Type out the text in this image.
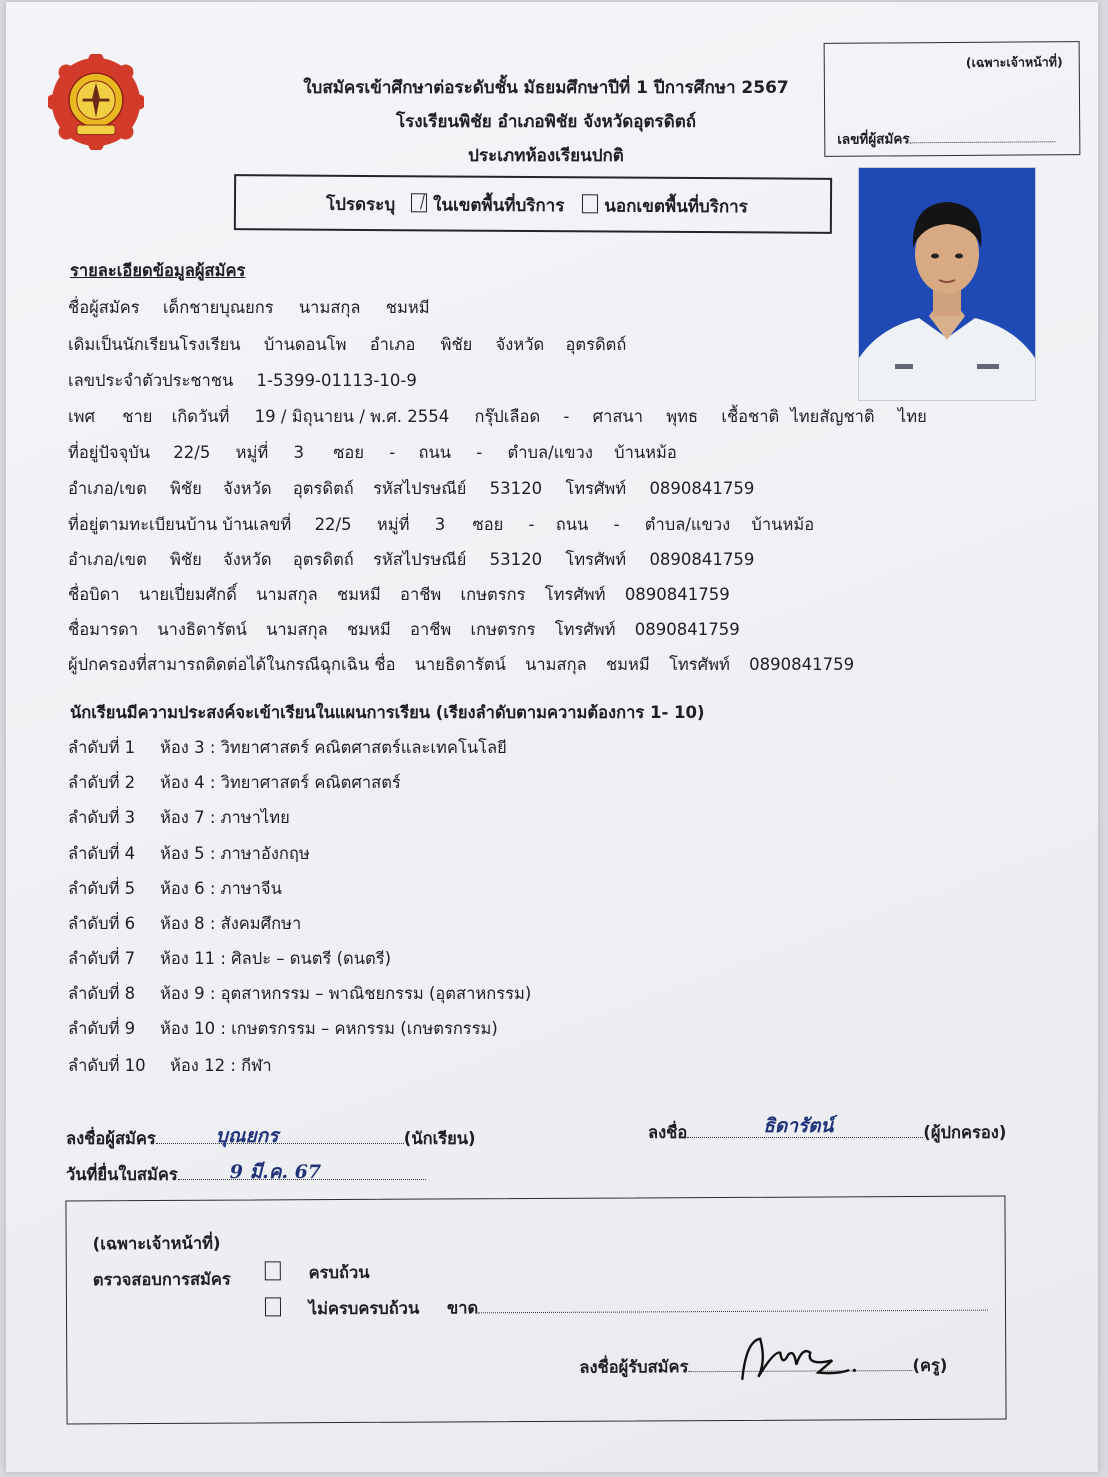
ใบสมัครเข้าศึกษาต่อระดับชั้น มัธยมศึกษาปีที่ 1 ปีการศึกษา 2567
โรงเรียนพิชัย อำเภอพิชัย จังหวัดอุตรดิตถ์
ประเภทห้องเรียนปกติ
(เฉพาะเจ้าหน้าที่)
เลขที่ผู้สมัคร
โปรดระบุ ในเขตพื้นที่บริการ นอกเขตพื้นที่บริการ
รายละเอียดข้อมูลผู้สมัคร
ชื่อผู้สมัคร เด็กชายบุณยกร นามสกุล ชมหมี
เดิมเป็นนักเรียนโรงเรียน บ้านดอนโพ อำเภอ พิชัย จังหวัด อุตรดิตถ์
เลขประจำตัวประชาชน 1-5399-01113-10-9
เพศ ชาย เกิดวันที่ 19 / มิถุนายน / พ.ศ. 2554 กรุ๊ปเลือด - ศาสนา พุทธ เชื้อชาติ ไทยสัญชาติ ไทย
ที่อยู่ปัจจุบัน 22/5 หมู่ที่ 3 ซอย - ถนน - ตำบล/แขวง บ้านหม้อ
อำเภอ/เขต พิชัย จังหวัด อุตรดิตถ์ รหัสไปรษณีย์ 53120 โทรศัพท์ 0890841759
ที่อยู่ตามทะเบียนบ้าน บ้านเลขที่ 22/5 หมู่ที่ 3 ซอย - ถนน - ตำบล/แขวง บ้านหม้อ
อำเภอ/เขต พิชัย จังหวัด อุตรดิตถ์ รหัสไปรษณีย์ 53120 โทรศัพท์ 0890841759
ชื่อบิดา นายเปี่ยมศักดิ์ นามสกุล ชมหมี อาชีพ เกษตรกร โทรศัพท์ 0890841759
ชื่อมารดา นางธิดารัตน์ นามสกุล ชมหมี อาชีพ เกษตรกร โทรศัพท์ 0890841759
ผู้ปกครองที่สามารถติดต่อได้ในกรณีฉุกเฉิน ชื่อ นายธิดารัตน์ นามสกุล ชมหมี โทรศัพท์ 0890841759
นักเรียนมีความประสงค์จะเข้าเรียนในแผนการเรียน (เรียงลำดับตามความต้องการ 1- 10)
ลำดับที่ 1 ห้อง 3 : วิทยาศาสตร์ คณิตศาสตร์และเทคโนโลยี
ลำดับที่ 2 ห้อง 4 : วิทยาศาสตร์ คณิตศาสตร์
ลำดับที่ 3 ห้อง 7 : ภาษาไทย
ลำดับที่ 4 ห้อง 5 : ภาษาอังกฤษ
ลำดับที่ 5 ห้อง 6 : ภาษาจีน
ลำดับที่ 6 ห้อง 8 : สังคมศึกษา
ลำดับที่ 7 ห้อง 11 : ศิลปะ – ดนตรี (ดนตรี)
ลำดับที่ 8 ห้อง 9 : อุตสาหกรรม – พาณิชยกรรม (อุตสาหกรรม)
ลำดับที่ 9 ห้อง 10 : เกษตรกรรม – คหกรรม (เกษตรกรรม)
ลำดับที่ 10 ห้อง 12 : กีฬา
ลงชื่อผู้สมัคร	บุณยกร	(นักเรียน)	ลงชื่อ	ธิดารัตน์	(ผู้ปกครอง)
วันที่ยื่นใบสมัคร	9 มี.ค. 67
(เฉพาะเจ้าหน้าที่)
ตรวจสอบการสมัคร	ครบถ้วน
ไม่ครบครบถ้วน ขาด
ลงชื่อผู้รับสมัคร	(ครู)
